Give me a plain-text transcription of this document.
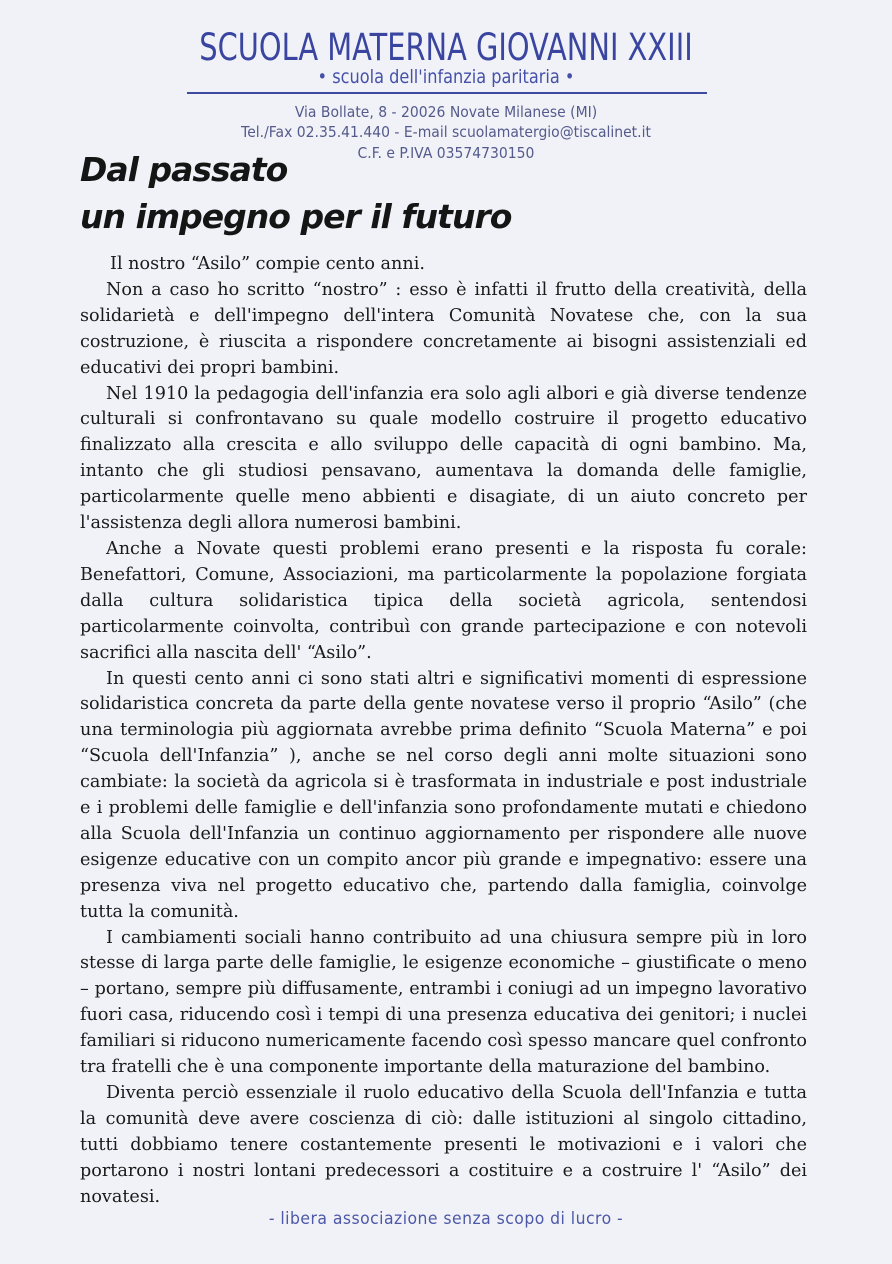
SCUOLA MATERNA GIOVANNI XXIII
• scuola dell'infanzia paritaria •
Via Bollate, 8 - 20026 Novate Milanese (MI)
Tel./Fax 02.35.41.440 - E-mail scuolamatergio@tiscalinet.it
C.F. e P.IVA 03574730150
Dal passato
un impegno per il futuro

Il nostro “Asilo” compie cento anni.

Non a caso ho scritto “nostro” : esso è infatti il frutto della creatività, della solidarietà e dell'impegno dell'intera Comunità Novatese che, con la sua costruzione, è riuscita a rispondere concretamente ai bisogni assistenziali ed educativi dei propri bambini.

Nel 1910 la pedagogia dell'infanzia era solo agli albori e già diverse tendenze culturali si confrontavano su quale modello costruire il progetto educativo finalizzato alla crescita e allo sviluppo delle capacità di ogni bambino. Ma, intanto che gli studiosi pensavano, aumentava la domanda delle famiglie, particolarmente quelle meno abbienti e disagiate, di un aiuto concreto per l'assistenza degli allora numerosi bambini.

Anche a Novate questi problemi erano presenti e la risposta fu corale: Benefattori, Comune, Associazioni, ma particolarmente la popolazione forgiata dalla cultura solidaristica tipica della società agricola, sentendosi particolarmente coinvolta, contribuì con grande partecipazione e con notevoli sacrifici alla nascita dell' “Asilo”.

In questi cento anni ci sono stati altri e significativi momenti di espressione solidaristica concreta da parte della gente novatese verso il proprio “Asilo” (che una terminologia più aggiornata avrebbe prima definito “Scuola Materna” e poi “Scuola dell'Infanzia” ), anche se nel corso degli anni molte situazioni sono cambiate: la società da agricola si è trasformata in industriale e post industriale e i problemi delle famiglie e dell'infanzia sono profondamente mutati e chiedono alla Scuola dell'Infanzia un continuo aggiornamento per rispondere alle nuove esigenze educative con un compito ancor più grande e impegnativo: essere una presenza viva nel progetto educativo che, partendo dalla famiglia, coinvolge tutta la comunità.

I cambiamenti sociali hanno contribuito ad una chiusura sempre più in loro stesse di larga parte delle famiglie, le esigenze economiche – giustificate o meno – portano, sempre più diffusamente, entrambi i coniugi ad un impegno lavorativo fuori casa, riducendo così i tempi di una presenza educativa dei genitori; i nuclei familiari si riducono numericamente facendo così spesso mancare quel confronto tra fratelli che è una componente importante della maturazione del bambino.

Diventa perciò essenziale il ruolo educativo della Scuola dell'Infanzia e tutta la comunità deve avere coscienza di ciò: dalle istituzioni al singolo cittadino, tutti dobbiamo tenere costantemente presenti le motivazioni e i valori che portarono i nostri lontani predecessori a costituire e a costruire l' “Asilo” dei novatesi.

- libera associazione senza scopo di lucro -
